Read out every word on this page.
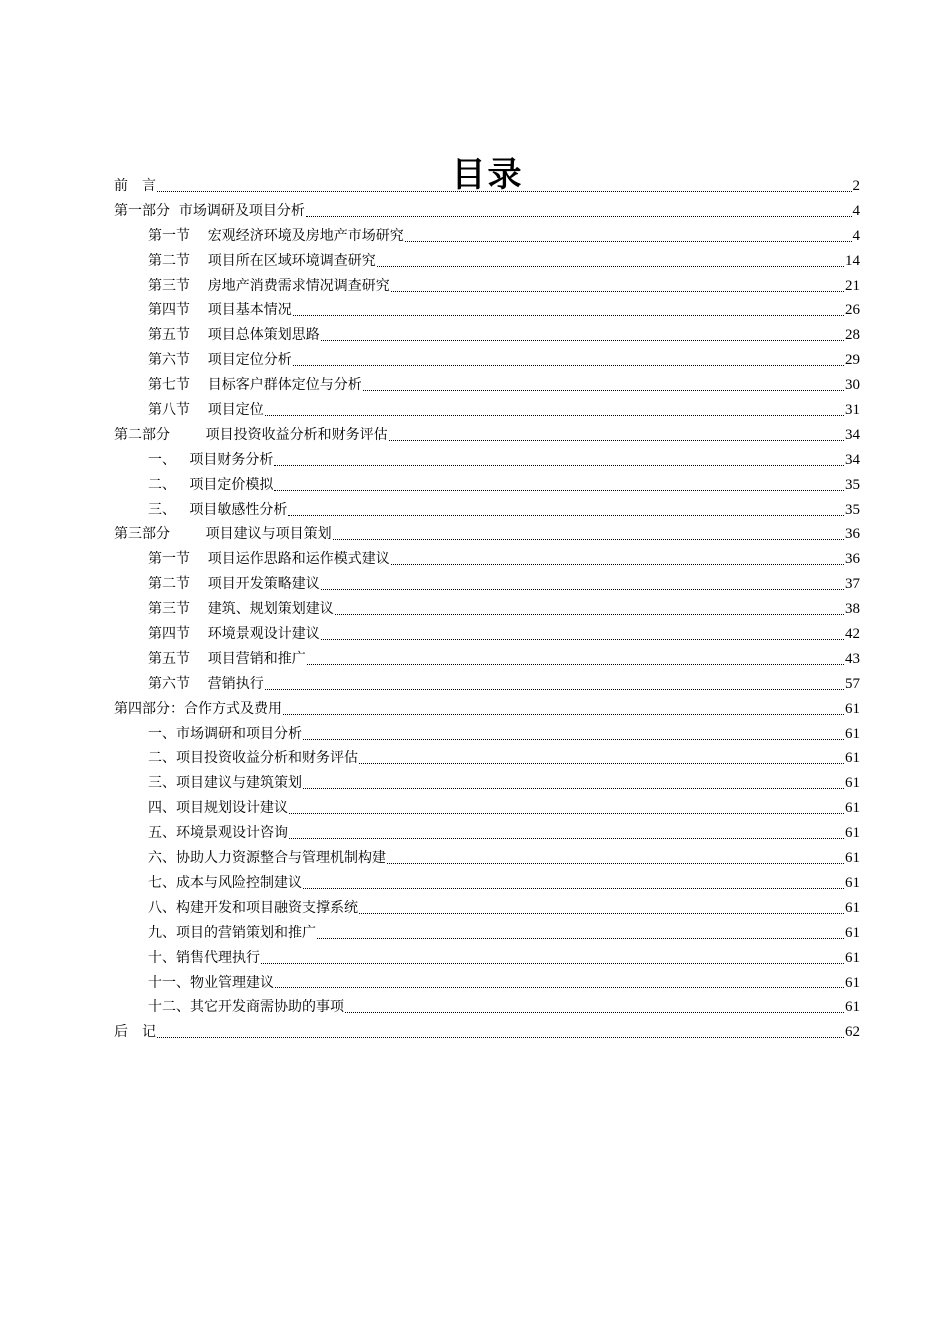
目录
前　言	2
第一部分  市场调研及项目分析	4
第一节    宏观经济环境及房地产市场研究	4
第二节    项目所在区域环境调查研究	14
第三节    房地产消费需求情况调查研究	21
第四节    项目基本情况	26
第五节    项目总体策划思路	28
第六节    项目定位分析	29
第七节    目标客户群体定位与分析	30
第八节    项目定位	31
第二部分        项目投资收益分析和财务评估	34
一、   项目财务分析	34
二、   项目定价模拟	35
三、   项目敏感性分析	35
第三部分        项目建议与项目策划	36
第一节    项目运作思路和运作模式建议	36
第二节    项目开发策略建议	37
第三节    建筑、规划策划建议	38
第四节    环境景观设计建议	42
第五节    项目营销和推广	43
第六节    营销执行	57
第四部分：合作方式及费用	61
一、市场调研和项目分析	61
二、项目投资收益分析和财务评估	61
三、项目建议与建筑策划	61
四、项目规划设计建议	61
五、环境景观设计咨询	61
六、协助人力资源整合与管理机制构建	61
七、成本与风险控制建议	61
八、构建开发和项目融资支撑系统	61
九、项目的营销策划和推广	61
十、销售代理执行	61
十一、物业管理建议	61
十二、其它开发商需协助的事项	61
后　记	62
